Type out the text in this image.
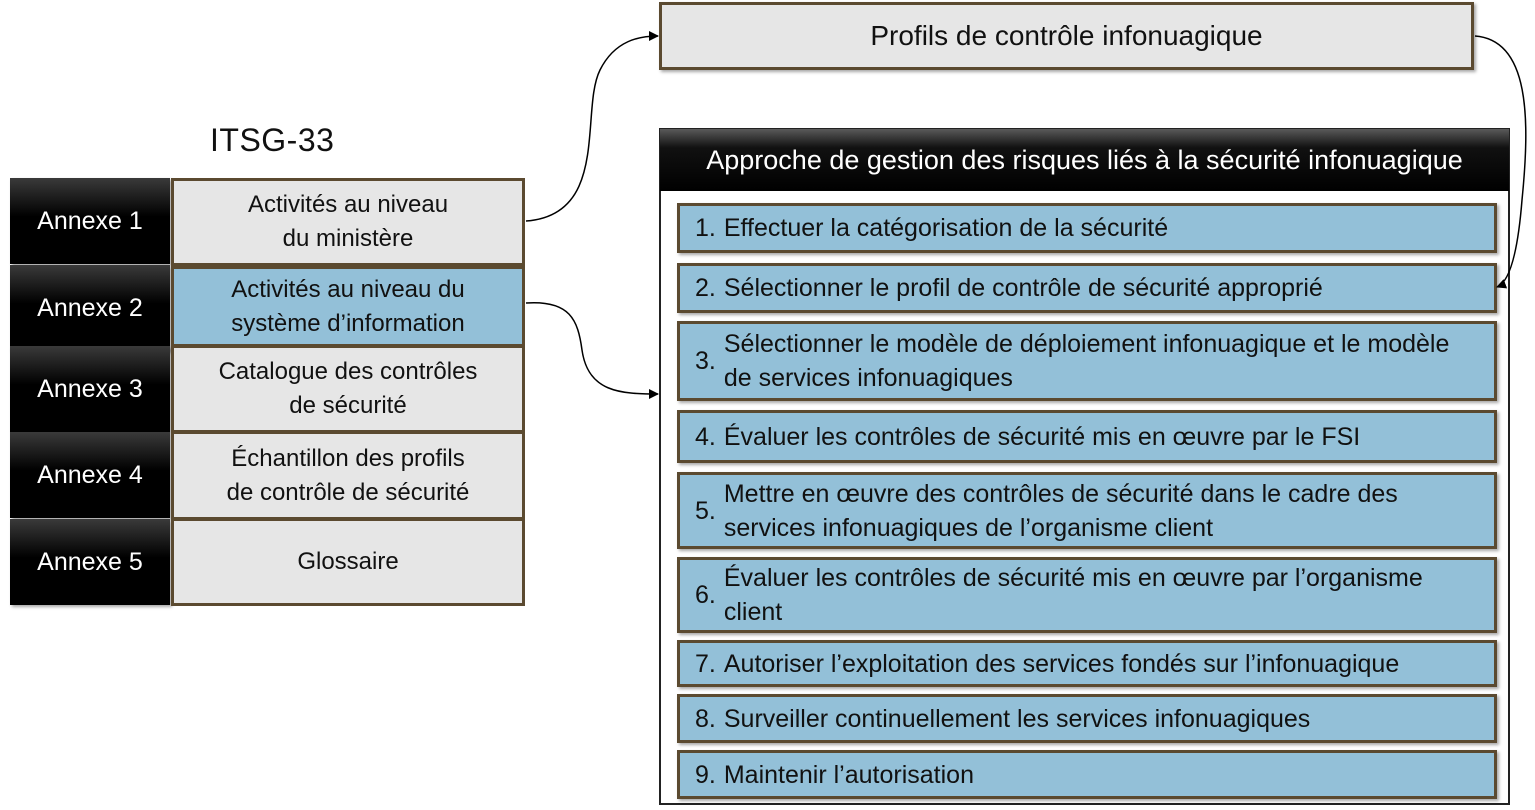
ITSG-33
Annexe 1
Annexe 2
Annexe 3
Annexe 4
Annexe 5
Activités au niveau
du ministère
Activités au niveau du
système d’information
Catalogue des contrôles
de sécurité
Échantillon des profils
de contrôle de sécurité
Glossaire
Profils de contrôle infonuagique
Approche de gestion des risques liés à la sécurité infonuagique
1. Effectuer la catégorisation de la sécurité
2. Sélectionner le profil de contrôle de sécurité approprié
3.
Sélectionner le modèle de déploiement infonuagique et le modèle de services infonuagiques
4. Évaluer les contrôles de sécurité mis en œuvre par le FSI
5.
Mettre en œuvre des contrôles de sécurité dans le cadre des services infonuagiques de l’organisme client
6.
Évaluer les contrôles de sécurité mis en œuvre par l’organisme client
7. Autoriser l’exploitation des services fondés sur l’infonuagique
8. Surveiller continuellement les services infonuagiques
9. Maintenir l’autorisation
